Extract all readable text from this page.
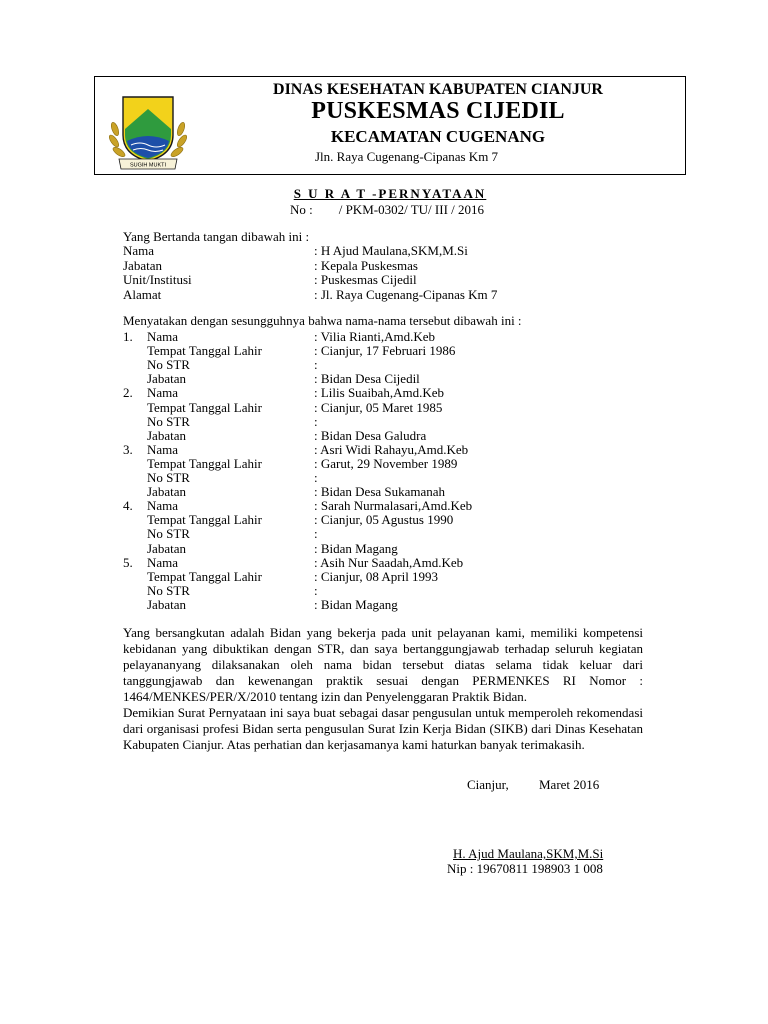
SUGIH MUKTI
DINAS KESEHATAN KABUPATEN CIANJUR
PUSKESMAS CIJEDIL
KECAMATAN CUGENANG
Jln. Raya Cugenang-Cipanas Km 7
S U R A T -PERNYATAAN
No :        / PKM-0302/ TU/ III / 2016
Yang Bertanda tangan dibawah ini :
Nama	: H Ajud Maulana,SKM,M.Si
Jabatan	: Kepala Puskesmas
Unit/Institusi	: Puskesmas Cijedil
Alamat	: Jl. Raya Cugenang-Cipanas Km 7
Menyatakan dengan sesungguhnya bahwa nama-nama tersebut dibawah ini :
1. Nama	: Vilia Rianti,Amd.Keb
Tempat Tanggal Lahir	: Cianjur, 17 Februari 1986
No STR	:
Jabatan	: Bidan Desa Cijedil
2. Nama	: Lilis Suaibah,Amd.Keb
Tempat Tanggal Lahir	: Cianjur, 05 Maret 1985
No STR	:
Jabatan	: Bidan Desa Galudra
3. Nama	: Asri Widi Rahayu,Amd.Keb
Tempat Tanggal Lahir	: Garut, 29 November 1989
No STR	:
Jabatan	: Bidan Desa Sukamanah
4. Nama	: Sarah Nurmalasari,Amd.Keb
Tempat Tanggal Lahir	: Cianjur, 05 Agustus 1990
No STR	:
Jabatan	: Bidan Magang
5. Nama	: Asih Nur Saadah,Amd.Keb
Tempat Tanggal Lahir	: Cianjur, 08 April 1993
No STR	:
Jabatan	: Bidan Magang

Yang bersangkutan adalah Bidan yang bekerja pada unit pelayanan kami, memiliki kompetensi kebidanan yang dibuktikan dengan STR, dan saya bertanggungjawab terhadap seluruh kegiatan pelayananyang dilaksanakan oleh nama bidan tersebut diatas selama tidak keluar dari tanggungjawab dan kewenangan praktik sesuai dengan PERMENKES RI Nomor : 1464/MENKES/PER/X/2010 tentang izin dan Penyelenggaran Praktik Bidan.

Demikian Surat Pernyataan ini saya buat sebagai dasar pengusulan untuk memperoleh rekomendasi dari organisasi profesi Bidan serta pengusulan Surat Izin Kerja Bidan (SIKB) dari Dinas Kesehatan Kabupaten Cianjur. Atas perhatian dan kerjasamanya kami haturkan banyak terimakasih.

Cianjur, Maret 2016
H. Ajud Maulana,SKM,M.Si
Nip : 19670811 198903 1 008
